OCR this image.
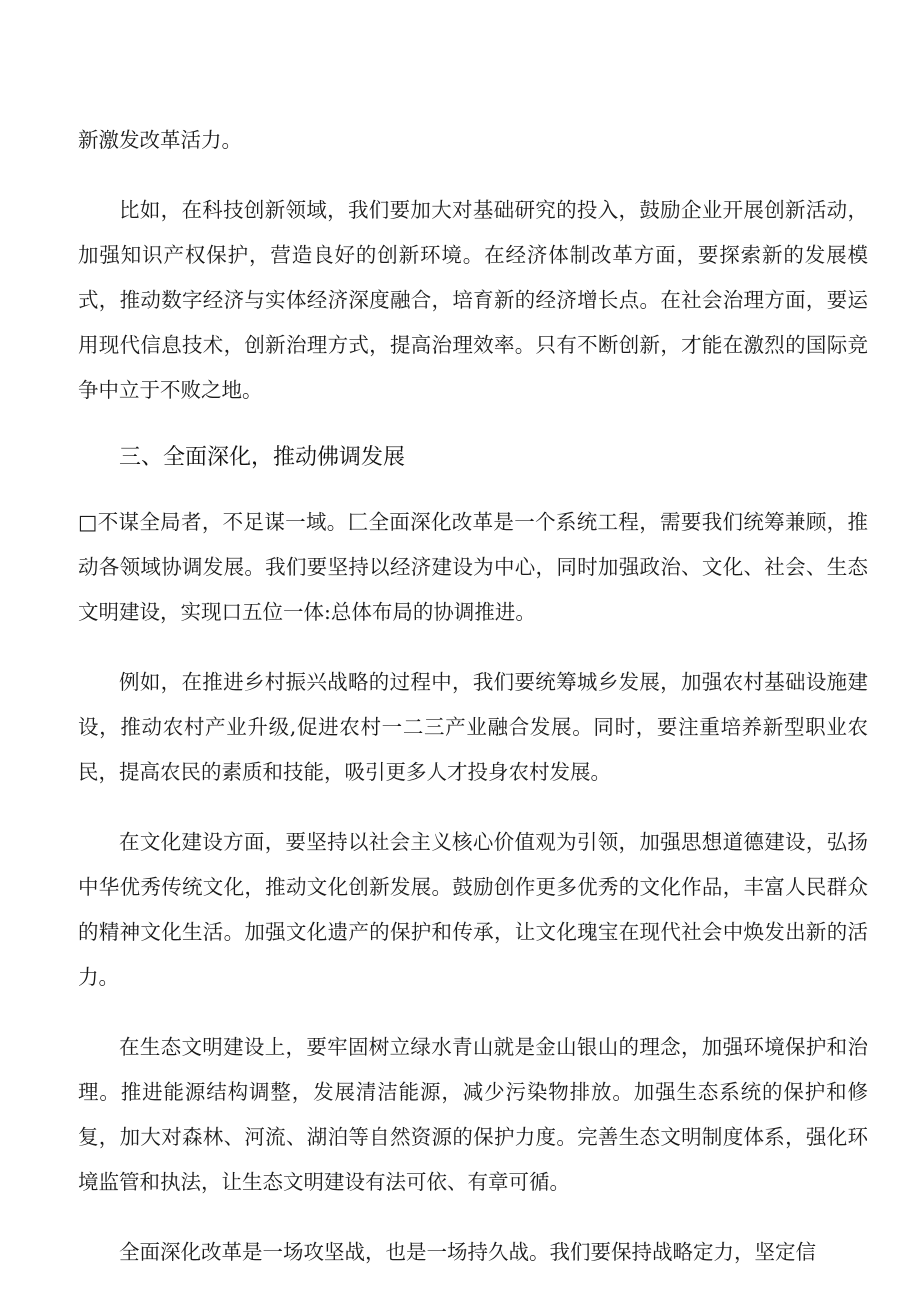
新激发改革活力。

比如，在科技创新领域，我们要加大对基础研究的投入，鼓励企业开展创新活动，加强知识产权保护，营造良好的创新环境。在经济体制改革方面，要探索新的发展模式，推动数字经济与实体经济深度融合，培育新的经济增长点。在社会治理方面，要运用现代信息技术，创新治理方式，提高治理效率。只有不断创新，才能在激烈的国际竞争中立于不败之地。

三、全面深化，推动佛调发展

□不谋全局者，不足谋一域。匚全面深化改革是一个系统工程，需要我们统筹兼顾，推动各领域协调发展。我们要坚持以经济建设为中心，同时加强政治、文化、社会、生态文明建设，实现口五位一体:总体布局的协调推进。

例如，在推进乡村振兴战略的过程中，我们要统筹城乡发展，加强农村基础设施建设，推动农村产业升级,促进农村一二三产业融合发展。同时，要注重培养新型职业农民，提高农民的素质和技能，吸引更多人才投身农村发展。

在文化建设方面，要坚持以社会主义核心价值观为引领，加强思想道德建设，弘扬中华优秀传统文化，推动文化创新发展。鼓励创作更多优秀的文化作品，丰富人民群众的精神文化生活。加强文化遗产的保护和传承，让文化瑰宝在现代社会中焕发出新的活力。

在生态文明建设上，要牢固树立绿水青山就是金山银山的理念，加强环境保护和治理。推进能源结构调整，发展清洁能源，减少污染物排放。加强生态系统的保护和修复，加大对森林、河流、湖泊等自然资源的保护力度。完善生态文明制度体系，强化环境监管和执法，让生态文明建设有法可依、有章可循。

全面深化改革是一场攻坚战，也是一场持久战。我们要保持战略定力，坚定信
